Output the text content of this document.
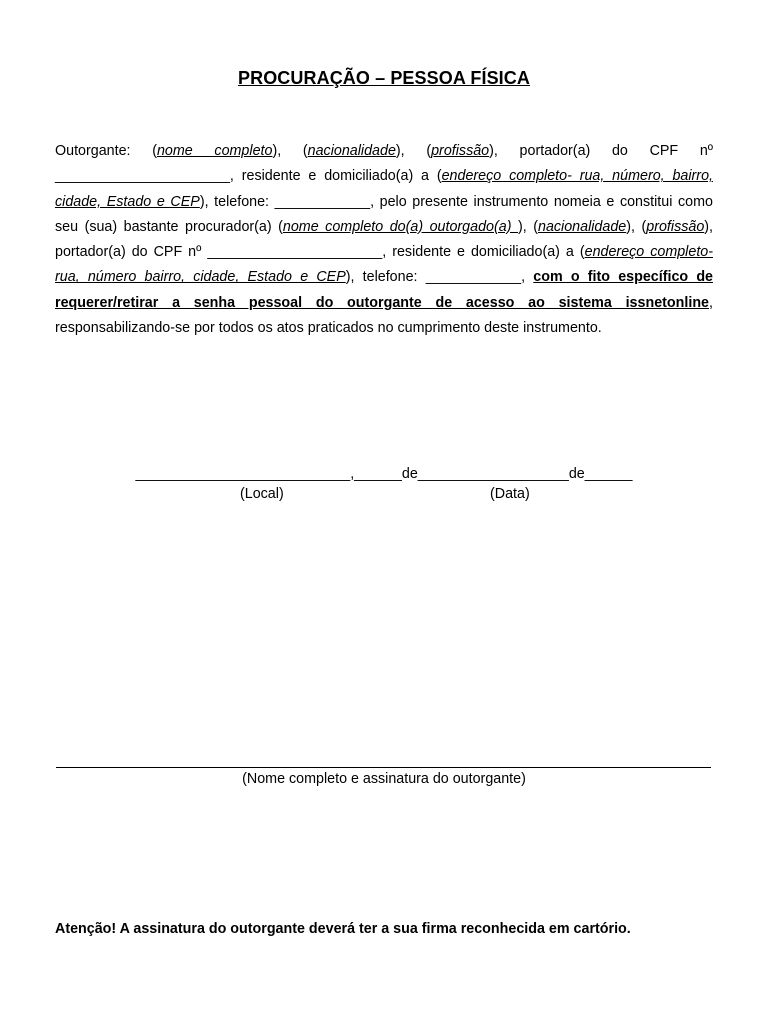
PROCURAÇÃO – PESSOA FÍSICA
Outorgante: (nome completo), (nacionalidade), (profissão), portador(a) do CPF nº ______________________, residente e domiciliado(a) a (endereço completo- rua, número, bairro, cidade, Estado e CEP), telefone: ____________, pelo presente instrumento nomeia e constitui como seu (sua) bastante procurador(a) (nome completo do(a) outorgado(a) ), (nacionalidade), (profissão), portador(a) do CPF nº ______________________, residente e domiciliado(a) a (endereço completo- rua, número bairro, cidade, Estado e CEP), telefone: ____________, com o fito específico de requerer/retirar a senha pessoal do outorgante de acesso ao sistema issnetonline, responsabilizando-se por todos os atos praticados no cumprimento deste instrumento.
___________________________,______de___________________de______
(Local)	(Data)
(Nome completo e assinatura do outorgante)
Atenção! A assinatura do outorgante deverá ter a sua firma reconhecida em cartório.
